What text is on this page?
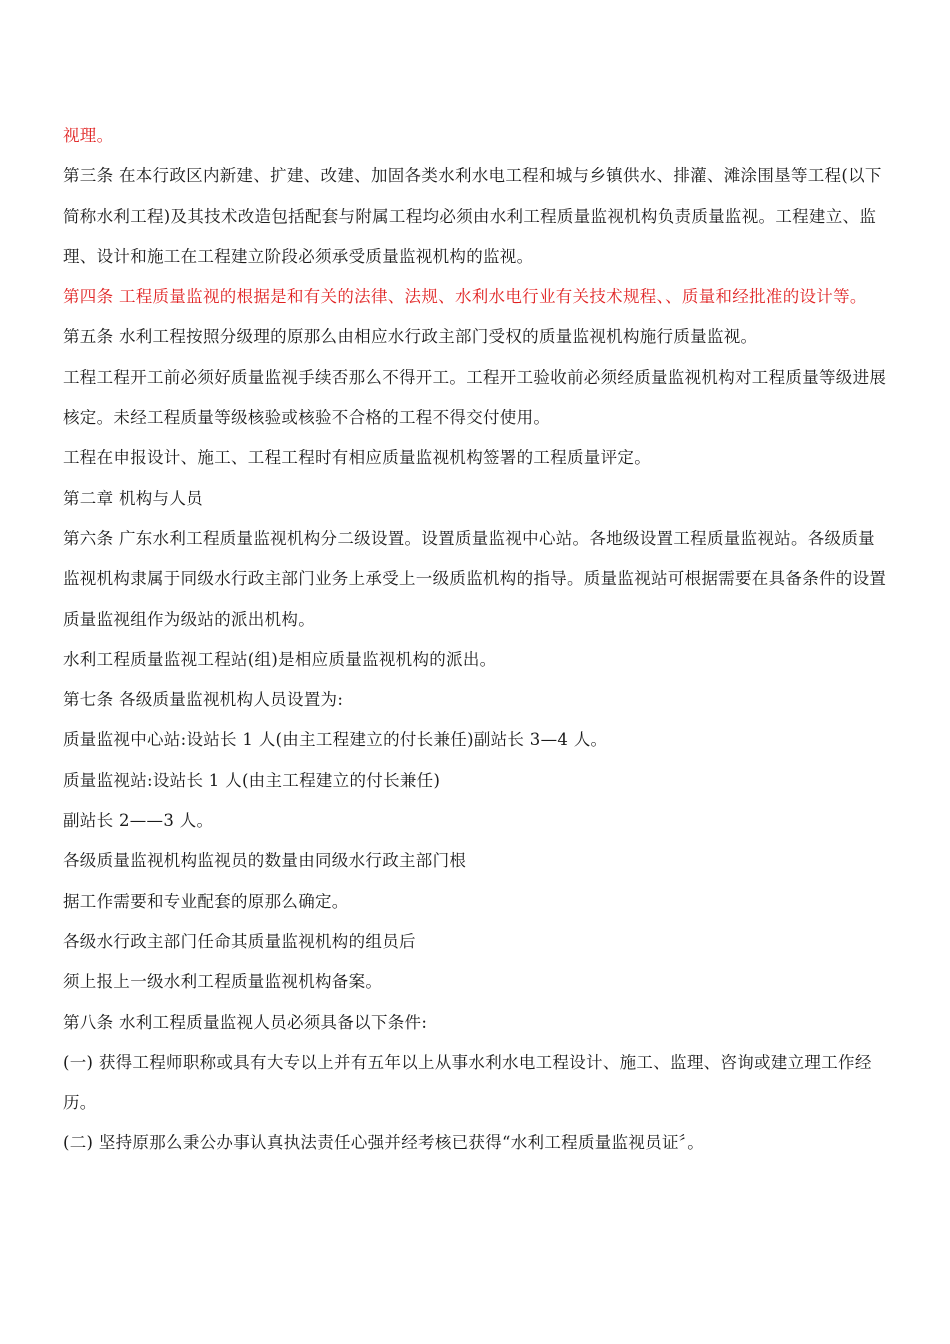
视理。

第三条 在本行政区内新建、扩建、改建、加固各类水利水电工程和城与乡镇供水、排灌、滩涂围垦等工程(以下简称水利工程)及其技术改造包括配套与附属工程均必须由水利工程质量监视机构负责质量监视。工程建立、监理、设计和施工在工程建立阶段必须承受质量监视机构的监视。

第四条 工程质量监视的根据是和有关的法律、法规、水利水电行业有关技术规程、、质量和经批准的设计等。

第五条 水利工程按照分级理的原那么由相应水行政主部门受权的质量监视机构施行质量监视。

工程工程开工前必须好质量监视手续否那么不得开工。工程开工验收前必须经质量监视机构对工程质量等级进展核定。未经工程质量等级核验或核验不合格的工程不得交付使用。

工程在申报设计、施工、工程工程时有相应质量监视机构签署的工程质量评定。

第二章 机构与人员

第六条 广东水利工程质量监视机构分二级设置。设置质量监视中心站。各地级设置工程质量监视站。各级质量监视机构隶属于同级水行政主部门业务上承受上一级质监机构的指导。质量监视站可根据需要在具备条件的设置质量监视组作为级站的派出机构。

水利工程质量监视工程站(组)是相应质量监视机构的派出。

第七条 各级质量监视机构人员设置为:

质量监视中心站:设站长 1 人(由主工程建立的付长兼任)副站长 3—4 人。

质量监视站:设站长 1 人(由主工程建立的付长兼任)

副站长 2——3 人。

各级质量监视机构监视员的数量由同级水行政主部门根

据工作需要和专业配套的原那么确定。

各级水行政主部门任命其质量监视机构的组员后

须上报上一级水利工程质量监视机构备案。

第八条 水利工程质量监视人员必须具备以下条件:

(一) 获得工程师职称或具有大专以上并有五年以上从事水利水电工程设计、施工、监理、咨询或建立理工作经历。

(二) 坚持原那么秉公办事认真执法责任心强并经考核已获得“水利工程质量监视员证〞。
